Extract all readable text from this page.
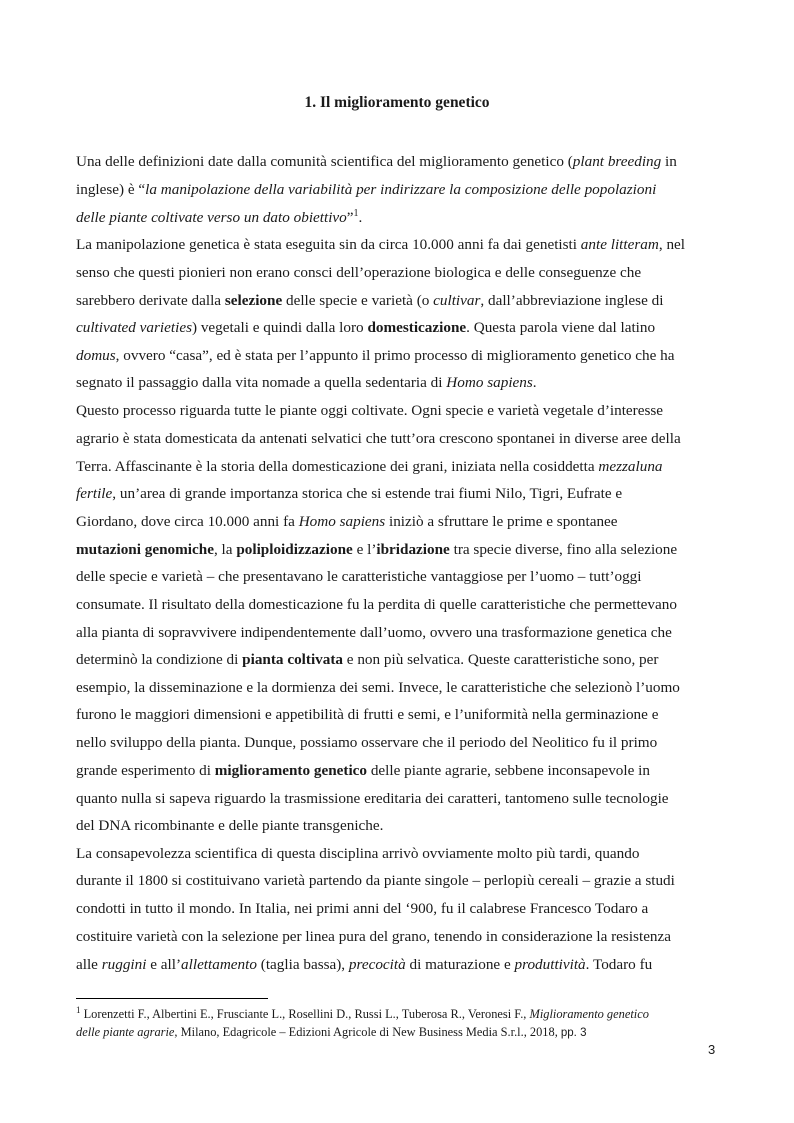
1. Il miglioramento genetico
Una delle definizioni date dalla comunità scientifica del miglioramento genetico (plant breeding in
inglese) è “la manipolazione della variabilità per indirizzare la composizione delle popolazioni
delle piante coltivate verso un dato obiettivo”$^1$.
La manipolazione genetica è stata eseguita sin da circa 10.000 anni fa dai genetisti ante litteram, nel
senso che questi pionieri non erano consci dell’operazione biologica e delle conseguenze che
sarebbero derivate dalla selezione delle specie e varietà (o cultivar, dall’abbreviazione inglese di
cultivated varieties) vegetali e quindi dalla loro domesticazione. Questa parola viene dal latino
domus, ovvero “casa”, ed è stata per l’appunto il primo processo di miglioramento genetico che ha
segnato il passaggio dalla vita nomade a quella sedentaria di Homo sapiens.
Questo processo riguarda tutte le piante oggi coltivate. Ogni specie e varietà vegetale d’interesse
agrario è stata domesticata da antenati selvatici che tutt’ora crescono spontanei in diverse aree della
Terra. Affascinante è la storia della domesticazione dei grani, iniziata nella cosiddetta mezzaluna
fertile, un’area di grande importanza storica che si estende trai fiumi Nilo, Tigri, Eufrate e
Giordano, dove circa 10.000 anni fa Homo sapiens iniziò a sfruttare le prime e spontanee
mutazioni genomiche, la poliploidizzazione e l’ibridazione tra specie diverse, fino alla selezione
delle specie e varietà – che presentavano le caratteristiche vantaggiose per l’uomo – tutt’oggi
consumate. Il risultato della domesticazione fu la perdita di quelle caratteristiche che permettevano
alla pianta di sopravvivere indipendentemente dall’uomo, ovvero una trasformazione genetica che
determinò la condizione di pianta coltivata e non più selvatica. Queste caratteristiche sono, per
esempio, la disseminazione e la dormienza dei semi. Invece, le caratteristiche che selezionò l’uomo
furono le maggiori dimensioni e appetibilità di frutti e semi, e l’uniformità nella germinazione e
nello sviluppo della pianta. Dunque, possiamo osservare che il periodo del Neolitico fu il primo
grande esperimento di miglioramento genetico delle piante agrarie, sebbene inconsapevole in
quanto nulla si sapeva riguardo la trasmissione ereditaria dei caratteri, tantomeno sulle tecnologie
del DNA ricombinante e delle piante transgeniche.
La consapevolezza scientifica di questa disciplina arrivò ovviamente molto più tardi, quando
durante il 1800 si costituivano varietà partendo da piante singole – perlopiù cereali – grazie a studi
condotti in tutto il mondo. In Italia, nei primi anni del ‘900, fu il calabrese Francesco Todaro a
costituire varietà con la selezione per linea pura del grano, tenendo in considerazione la resistenza
alle ruggini e all’allettamento (taglia bassa), precocità di maturazione e produttività. Todaro fu
$^1$ Lorenzetti F., Albertini E., Frusciante L., Rosellini D., Russi L., Tuberosa R., Veronesi F., Miglioramento genetico
delle piante agrarie, Milano, Edagricole – Edizioni Agricole di New Business Media S.r.l., 2018, pp. 3
3
